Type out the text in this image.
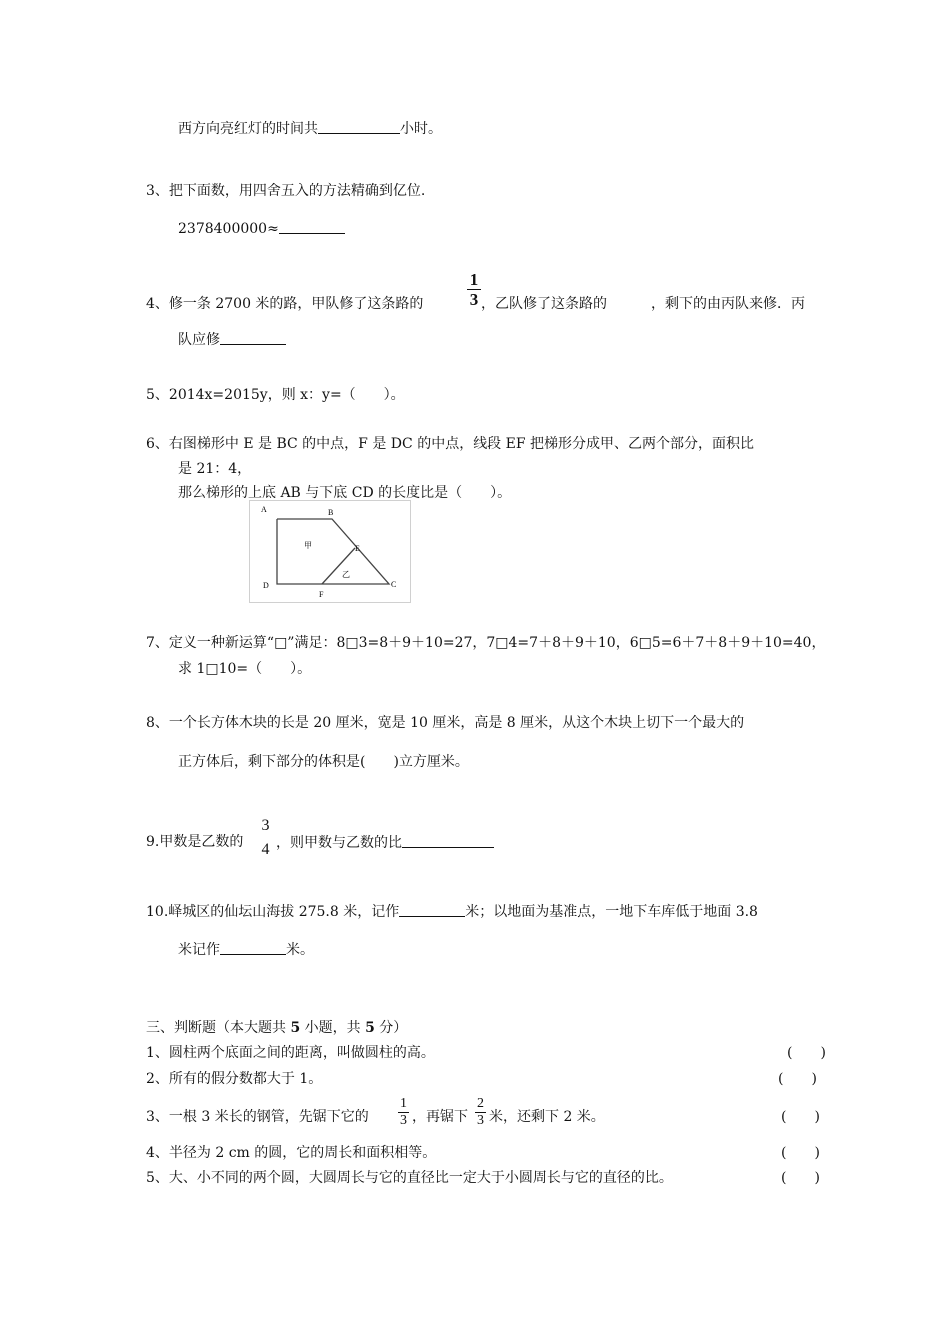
西方向亮红灯的时间共	小时。
3、把下面数，用四舍五入的方法精确到亿位.
2378400000≈
4、修一条 2700 米的路，甲队修了这条路的
1
3 ，乙队修了这条路的	，剩下的由丙队来修．丙
队应修
5、2014x=2015y，则 x：y=（　　）。
6、右图梯形中 E 是 BC 的中点，F 是 DC 的中点，线段 EF 把梯形分成甲、乙两个部分，面积比
是 21：4，
那么梯形的上底 AB 与下底 CD 的长度比是（　　）。
A	B
C
D
E
F
甲
乙
7、定义一种新运算“□”满足：8□3=8＋9＋10=27，7□4=7＋8＋9＋10，6□5=6＋7＋8＋9＋10=40，
求 1□10=（　　）。
8、一个长方体木块的长是 20 厘米，宽是 10 厘米，高是 8 厘米，从这个木块上切下一个最大的
正方体后，剩下部分的体积是(　　)立方厘米。
9.甲数是乙数的
3
4 ，则甲数与乙数的比
10.峄城区的仙坛山海拔 275.8 米，记作	米；以地面为基准点，一地下车库低于地面 3.8
米记作	米。
三、判断题（本大题共 5 小题，共 5 分）
1、圆柱两个底面之间的距离，叫做圆柱的高。	(　　)
2、所有的假分数都大于 1。	(　　)
3、一根 3 米长的钢管，先锯下它的
1
3 ，再锯下
2
3 米，还剩下 2 米。	(　　)
4、半径为 2 cm 的圆，它的周长和面积相等。	(　　)
5、大、小不同的两个圆，大圆周长与它的直径比一定大于小圆周长与它的直径的比。	(　　)
